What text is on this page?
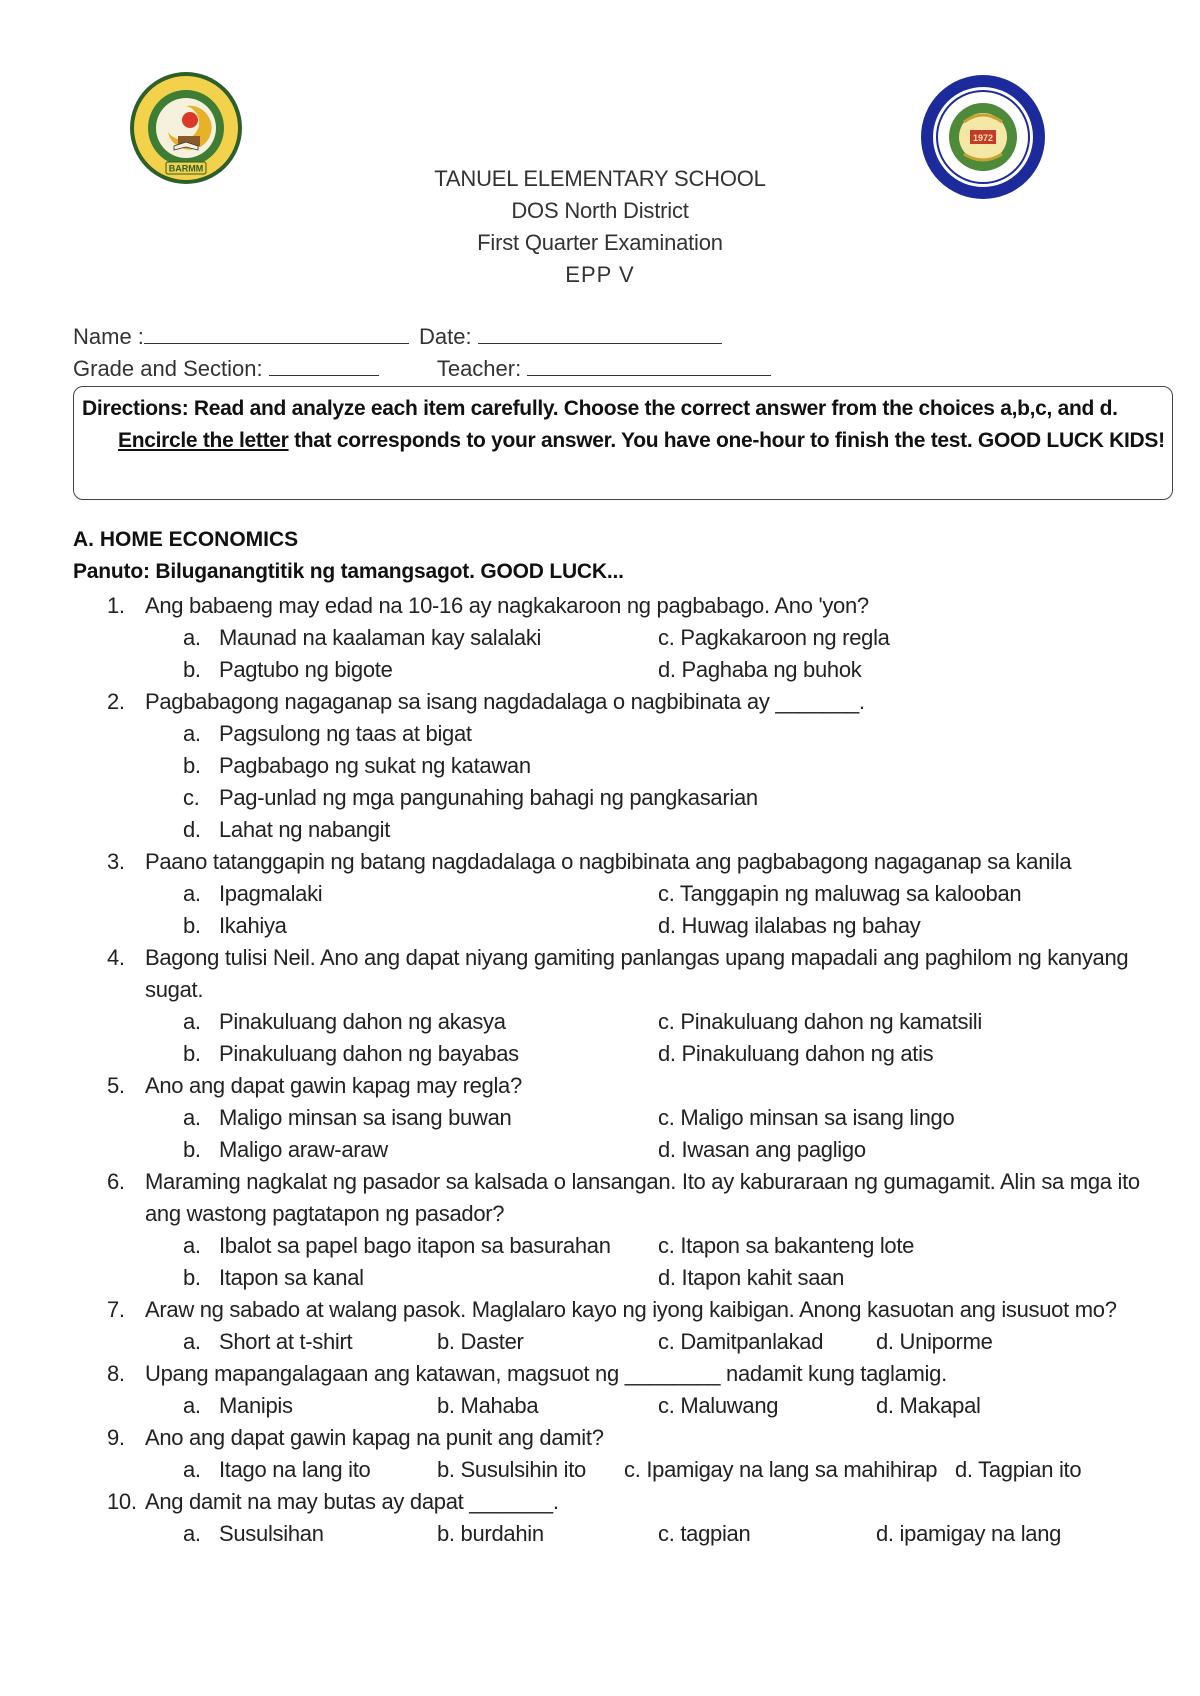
BARMM
1972
TANUEL ELEMENTARY SCHOOL
DOS North District
First Quarter Examination
EPP V
Name :	Date:
Grade and Section:	Teacher:
Directions: Read and analyze each item carefully. Choose the correct answer from the choices a,b,c, and d.
Encircle the letter that corresponds to your answer. You have one-hour to finish the test. GOOD LUCK KIDS!
A. HOME ECONOMICS
Panuto: Biluganangtitik ng tamangsagot. GOOD LUCK...
1. Ang babaeng may edad na 10-16 ay nagkakaroon ng pagbabago. Ano 'yon?
a. Maunad na kaalaman kay salalaki	c. Pagkakaroon ng regla
b. Pagtubo ng bigote	d. Paghaba ng buhok
2. Pagbabagong nagaganap sa isang nagdadalaga o nagbibinata ay _______.
a. Pagsulong ng taas at bigat
b. Pagbabago ng sukat ng katawan
c. Pag-unlad ng mga pangunahing bahagi ng pangkasarian
d. Lahat ng nabangit
3. Paano tatanggapin ng batang nagdadalaga o nagbibinata ang pagbabagong nagaganap sa kanila
a. Ipagmalaki	c. Tanggapin ng maluwag sa kalooban
b. Ikahiya	d. Huwag ilalabas ng bahay
4. Bagong tulisi Neil. Ano ang dapat niyang gamiting panlangas upang mapadali ang paghilom ng kanyang sugat.
a. Pinakuluang dahon ng akasya	c. Pinakuluang dahon ng kamatsili
b. Pinakuluang dahon ng bayabas	d. Pinakuluang dahon ng atis
5. Ano ang dapat gawin kapag may regla?
a. Maligo minsan sa isang buwan	c. Maligo minsan sa isang lingo
b. Maligo araw-araw	d. Iwasan ang pagligo
6. Maraming nagkalat ng pasador sa kalsada o lansangan. Ito ay kaburaraan ng gumagamit. Alin sa mga ito ang wastong pagtatapon ng pasador?
a. Ibalot sa papel bago itapon sa basurahan c. Itapon sa bakanteng lote
b. Itapon sa kanal	d. Itapon kahit saan
7. Araw ng sabado at walang pasok. Maglalaro kayo ng iyong kaibigan. Anong kasuotan ang isusuot mo?
a. Short at t-shirt	b. Daster	c. Damitpanlakad d. Uniporme
8. Upang mapangalagaan ang katawan, magsuot ng ________ nadamit kung taglamig.
a. Manipis	b. Mahaba	c. Maluwang	d. Makapal
9. Ano ang dapat gawin kapag na punit ang damit?
a. Itago na lang ito	b. Susulsihin ito c. Ipamigay na lang sa mahihirap d. Tagpian ito
10. Ang damit na may butas ay dapat _______.
a. Susulsihan	b. burdahin	c. tagpian	d. ipamigay na lang
